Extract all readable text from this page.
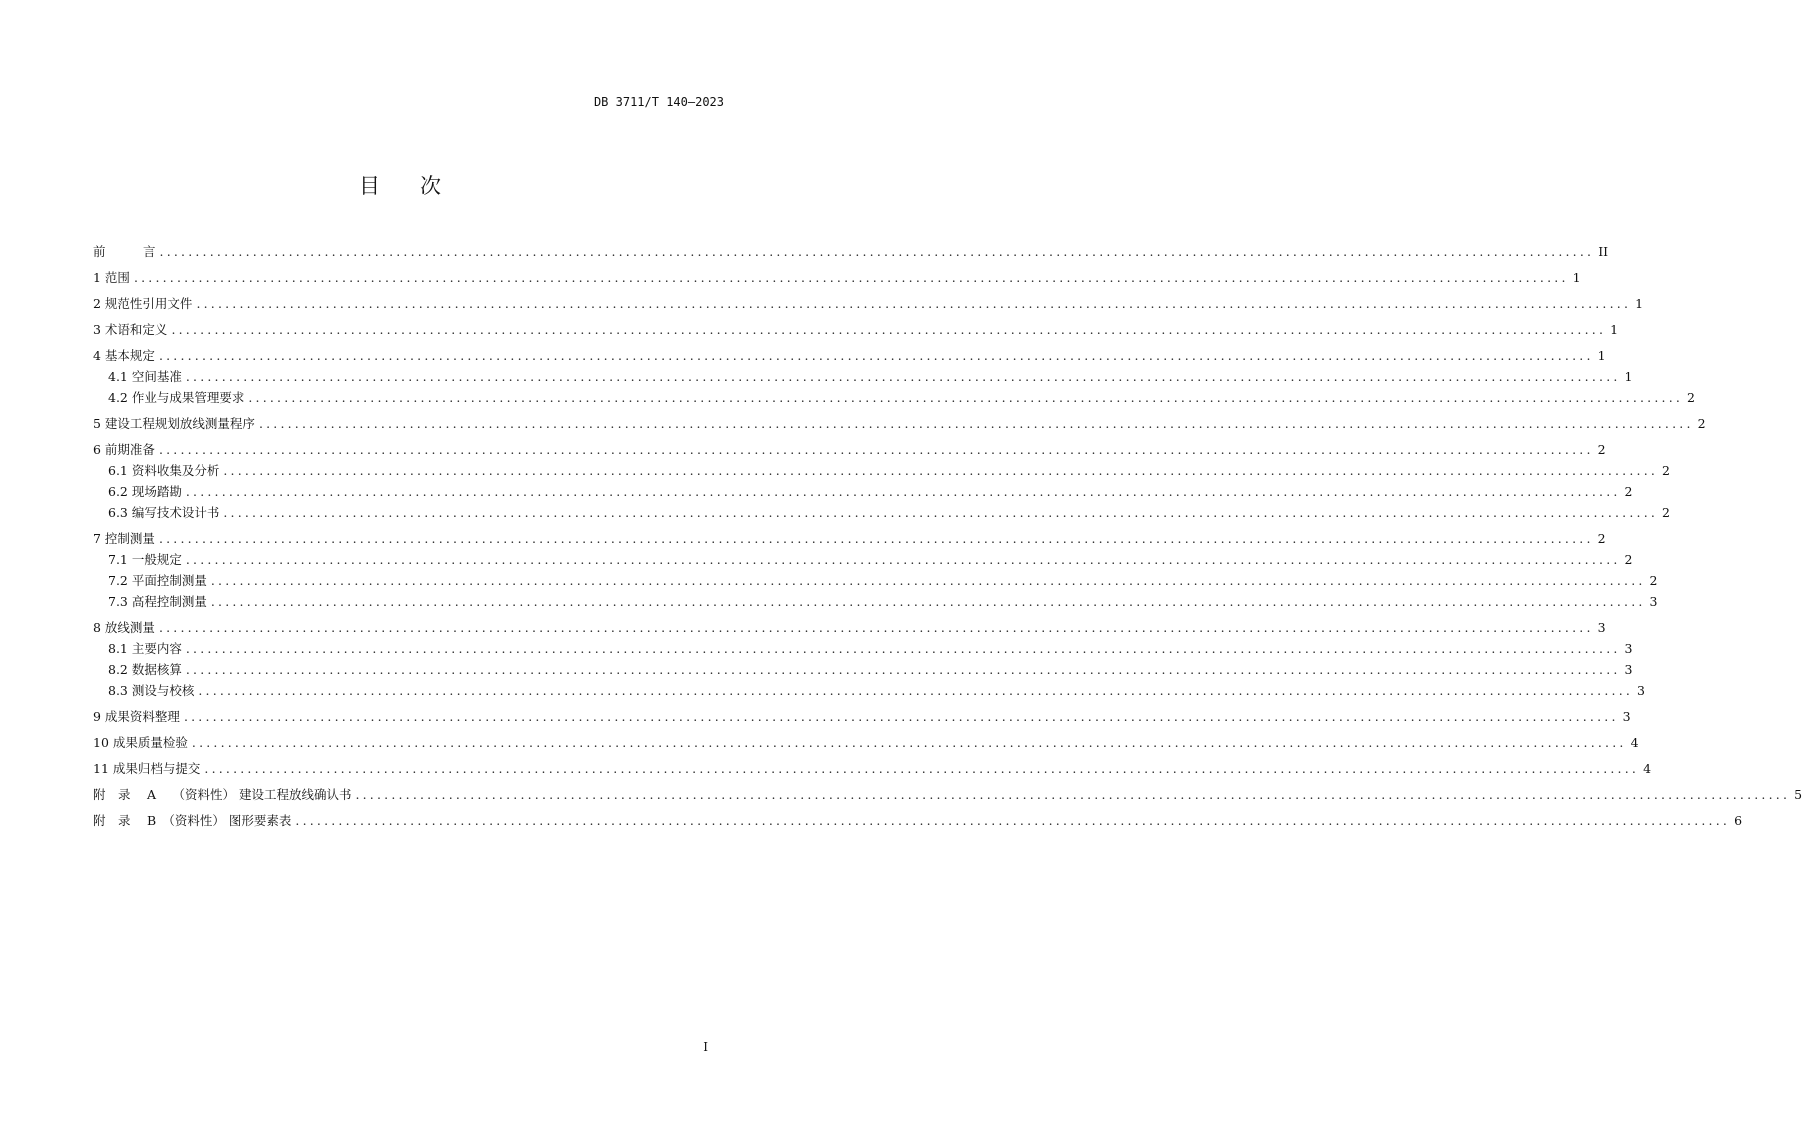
DB 3711/T 140—2023
目次
前　　　言 ........................................................................................................................................................................................................ II
1 范围 ........................................................................................................................................................................................................ 1
2 规范性引用文件 ........................................................................................................................................................................................................ 1
3 术语和定义 ........................................................................................................................................................................................................ 1
4 基本规定 ........................................................................................................................................................................................................ 1
4.1 空间基准 ........................................................................................................................................................................................................ 1
4.2 作业与成果管理要求 ........................................................................................................................................................................................................ 2
5 建设工程规划放线测量程序 ........................................................................................................................................................................................................ 2
6 前期准备 ........................................................................................................................................................................................................ 2
6.1 资料收集及分析 ........................................................................................................................................................................................................ 2
6.2 现场踏勘 ........................................................................................................................................................................................................ 2
6.3 编写技术设计书 ........................................................................................................................................................................................................ 2
7 控制测量 ........................................................................................................................................................................................................ 2
7.1 一般规定 ........................................................................................................................................................................................................ 2
7.2 平面控制测量 ........................................................................................................................................................................................................ 2
7.3 高程控制测量 ........................................................................................................................................................................................................ 3
8 放线测量 ........................................................................................................................................................................................................ 3
8.1 主要内容 ........................................................................................................................................................................................................ 3
8.2 数据核算 ........................................................................................................................................................................................................ 3
8.3 测设与校核 ........................................................................................................................................................................................................ 3
9 成果资料整理 ........................................................................................................................................................................................................ 3
10 成果质量检验 ........................................................................................................................................................................................................ 4
11 成果归档与提交 ........................................................................................................................................................................................................ 4
附　录　 A　 （资料性） 建设工程放线确认书 ........................................................................................................................................................................................................ 5
附　录　 B　（资料性） 图形要素表 ........................................................................................................................................................................................................ 6
I
